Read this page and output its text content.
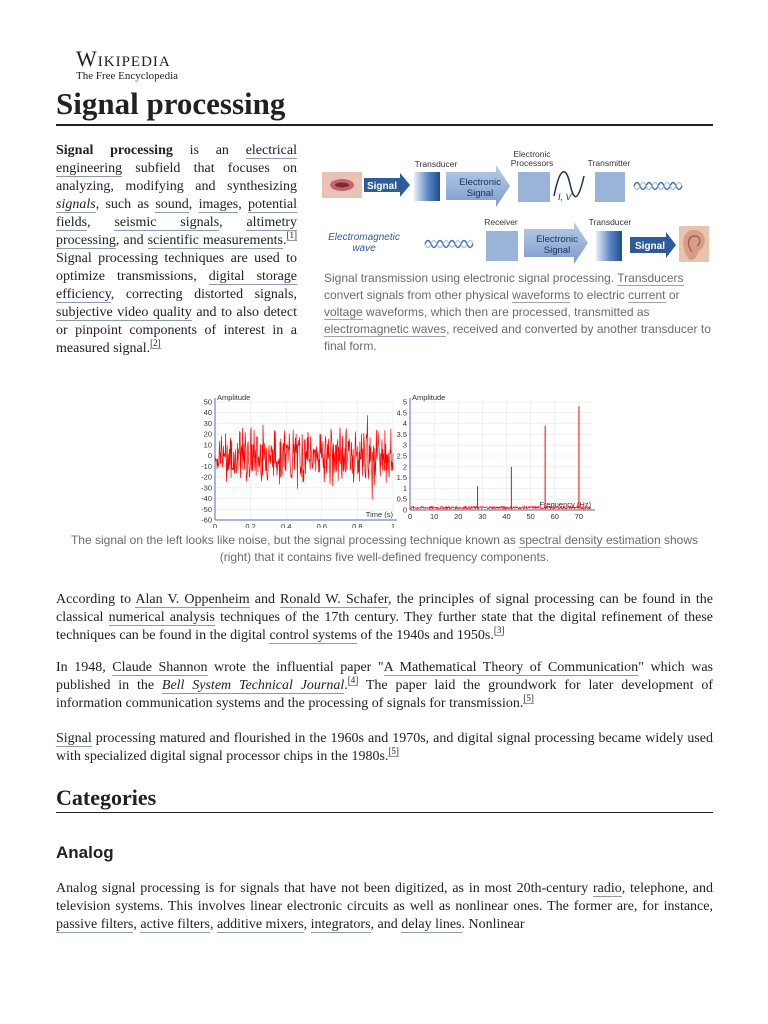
Wikipedia
The Free Encyclopedia
Signal processing

Signal processing is an electrical engineering subfield that focuses on analyzing, modifying and synthesizing signals, such as sound, images, potential fields, seismic signals, altimetry processing, and scientific measurements.[1] Signal processing techniques are used to optimize transmissions, digital storage efficiency, correcting distorted signals, subjective video quality and to also detect or pinpoint components of interest in a measured signal.[2]

Signal
Transducer
Electronic Signal
Electronic Processors
I, V
Transmitter
Electromagnetic wave
Receiver
Electronic Signal
Transducer
Signal
Signal transmission using electronic signal processing. Transducers convert signals from other physical waveforms to electric current or voltage waveforms, which then are processed, transmitted as electromagnetic waves, received and converted by another transducer to final form.
50
40
30
20
10
0
-10
-20
-30
-40
-50
-60
0	0.2	0.4	0.6	0.8	1
Amplitude
Time (s)
5
4.5
4
3.5
3
2.5
2
1.5
1
0.5
0
0 10 20 30 40 50 60 70
Amplitude
Frequency (Hz)
The signal on the left looks like noise, but the signal processing technique known as spectral density estimation shows (right) that it contains five well-defined frequency components.

According to Alan V. Oppenheim and Ronald W. Schafer, the principles of signal processing can be found in the classical numerical analysis techniques of the 17th century. They further state that the digital refinement of these techniques can be found in the digital control systems of the 1940s and 1950s.[3]

In 1948, Claude Shannon wrote the influential paper "A Mathematical Theory of Communication" which was published in the Bell System Technical Journal.[4] The paper laid the groundwork for later development of information communication systems and the processing of signals for transmission.[5]

Signal processing matured and flourished in the 1960s and 1970s, and digital signal processing became widely used with specialized digital signal processor chips in the 1980s.[5]

Categories
Analog

Analog signal processing is for signals that have not been digitized, as in most 20th-century radio, telephone, and television systems. This involves linear electronic circuits as well as nonlinear ones. The former are, for instance, passive filters, active filters, additive mixers, integrators, and delay lines. Nonlinear
